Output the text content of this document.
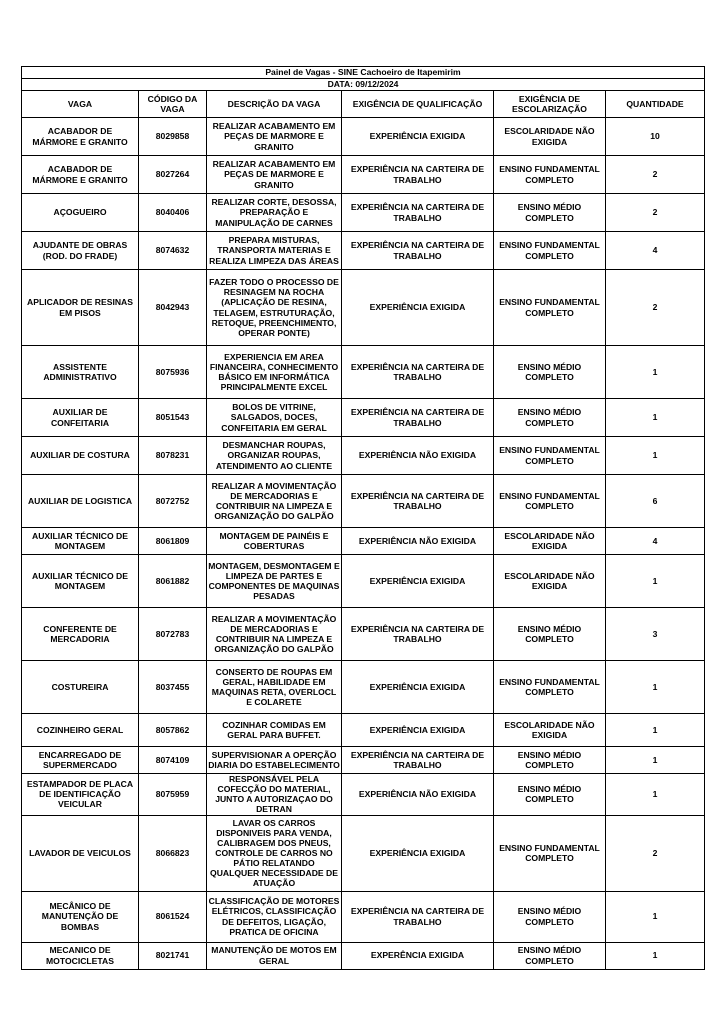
Painel de Vagas - SINE Cachoeiro de Itapemirim					
DATA: 09/12/2024					
VAGA	CÓDIGO DA VAGA	DESCRIÇÃO DA VAGA	EXIGÊNCIA DE QUALIFICAÇÃO	EXIGÊNCIA DE ESCOLARIZAÇÃO	QUANTIDADE
ACABADOR DE MÁRMORE E GRANITO	8029858	REALIZAR ACABAMENTO EM PEÇAS DE MARMORE E GRANITO	EXPERIÊNCIA EXIGIDA	ESCOLARIDADE NÃO EXIGIDA	10
ACABADOR DE MÁRMORE E GRANITO	8027264	REALIZAR ACABAMENTO EM PEÇAS DE MARMORE E GRANITO	EXPERIÊNCIA NA CARTEIRA DE TRABALHO	ENSINO FUNDAMENTAL COMPLETO	2
AÇOGUEIRO	8040406	REALIZAR CORTE, DESOSSA, PREPARAÇÃO E MANIPULAÇÃO DE CARNES	EXPERIÊNCIA NA CARTEIRA DE TRABALHO	ENSINO MÉDIO COMPLETO	2
AJUDANTE DE OBRAS (ROD. DO FRADE)	8074632	PREPARA MISTURAS, TRANSPORTA MATERIAS E REALIZA LIMPEZA DAS ÁREAS	EXPERIÊNCIA NA CARTEIRA DE TRABALHO	ENSINO FUNDAMENTAL COMPLETO	4
APLICADOR DE RESINAS EM PISOS	8042943	FAZER TODO O PROCESSO DE RESINAGEM NA ROCHA (APLICAÇÃO DE RESINA, TELAGEM, ESTRUTURAÇÃO, RETOQUE, PREENCHIMENTO, OPERAR PONTE)	EXPERIÊNCIA EXIGIDA	ENSINO FUNDAMENTAL COMPLETO	2
ASSISTENTE ADMINISTRATIVO	8075936	EXPERIENCIA EM AREA FINANCEIRA, CONHECIMENTO BÁSICO EM INFORMÁTICA PRINCIPALMENTE EXCEL	EXPERIÊNCIA NA CARTEIRA DE TRABALHO	ENSINO MÉDIO COMPLETO	1
AUXILIAR DE CONFEITARIA	8051543	BOLOS DE VITRINE, SALGADOS, DOCES, CONFEITARIA EM GERAL	EXPERIÊNCIA NA CARTEIRA DE TRABALHO	ENSINO MÉDIO COMPLETO	1
AUXILIAR DE COSTURA	8078231	DESMANCHAR ROUPAS, ORGANIZAR ROUPAS, ATENDIMENTO AO CLIENTE	EXPERIÊNCIA NÃO EXIGIDA	ENSINO FUNDAMENTAL COMPLETO	1
AUXILIAR DE LOGISTICA	8072752	REALIZAR A MOVIMENTAÇÃO DE MERCADORIAS E CONTRIBUIR NA LIMPEZA E ORGANIZAÇÃO DO GALPÃO	EXPERIÊNCIA NA CARTEIRA DE TRABALHO	ENSINO FUNDAMENTAL COMPLETO	6
AUXILIAR TÉCNICO DE MONTAGEM	8061809	MONTAGEM DE PAINÉIS E COBERTURAS	EXPERIÊNCIA NÃO EXIGIDA	ESCOLARIDADE NÃO EXIGIDA	4
AUXILIAR TÉCNICO DE MONTAGEM	8061882	MONTAGEM, DESMONTAGEM E LIMPEZA DE PARTES E COMPONENTES DE MAQUINAS PESADAS	EXPERIÊNCIA EXIGIDA	ESCOLARIDADE NÃO EXIGIDA	1
CONFERENTE DE MERCADORIA	8072783	REALIZAR A MOVIMENTAÇÃO DE MERCADORIAS E CONTRIBUIR NA LIMPEZA E ORGANIZAÇÃO DO GALPÃO	EXPERIÊNCIA NA CARTEIRA DE TRABALHO	ENSINO MÉDIO COMPLETO	3
COSTUREIRA	8037455	CONSERTO DE ROUPAS EM GERAL, HABILIDADE EM MAQUINAS RETA, OVERLOCL E COLARETE	EXPERIÊNCIA EXIGIDA	ENSINO FUNDAMENTAL COMPLETO	1
COZINHEIRO GERAL	8057862	COZINHAR COMIDAS EM GERAL PARA BUFFET.	EXPERIÊNCIA EXIGIDA	ESCOLARIDADE NÃO EXIGIDA	1
ENCARREGADO DE SUPERMERCADO	8074109	SUPERVISIONAR A OPERÇÃO DIARIA DO ESTABELECIMENTO	EXPERIÊNCIA NA CARTEIRA DE TRABALHO	ENSINO MÉDIO COMPLETO	1
ESTAMPADOR DE PLACA DE IDENTIFICAÇÃO VEICULAR	8075959	RESPONSÁVEL PELA COFECÇÃO DO MATERIAL, JUNTO A AUTORIZAÇAO DO DETRAN	EXPERIÊNCIA NÃO EXIGIDA	ENSINO MÉDIO COMPLETO	1
LAVADOR DE VEICULOS	8066823	LAVAR OS CARROS DISPONIVEIS PARA VENDA, CALIBRAGEM DOS PNEUS, CONTROLE DE CARROS NO PÁTIO RELATANDO QUALQUER NECESSIDADE DE ATUAÇÃO	EXPERIÊNCIA EXIGIDA	ENSINO FUNDAMENTAL COMPLETO	2
MECÂNICO DE MANUTENÇÃO DE BOMBAS	8061524	CLASSIFICAÇÃO DE MOTORES ELÉTRICOS, CLASSIFICAÇÃO DE DEFEITOS, LIGAÇÃO, PRATICA DE OFICINA	EXPERIÊNCIA NA CARTEIRA DE TRABALHO	ENSINO MÉDIO COMPLETO	1
MECANICO DE MOTOCICLETAS	8021741	MANUTENÇÃO DE MOTOS EM GERAL	EXPERÊNCIA EXIGIDA	ENSINO MÉDIO COMPLETO	1
